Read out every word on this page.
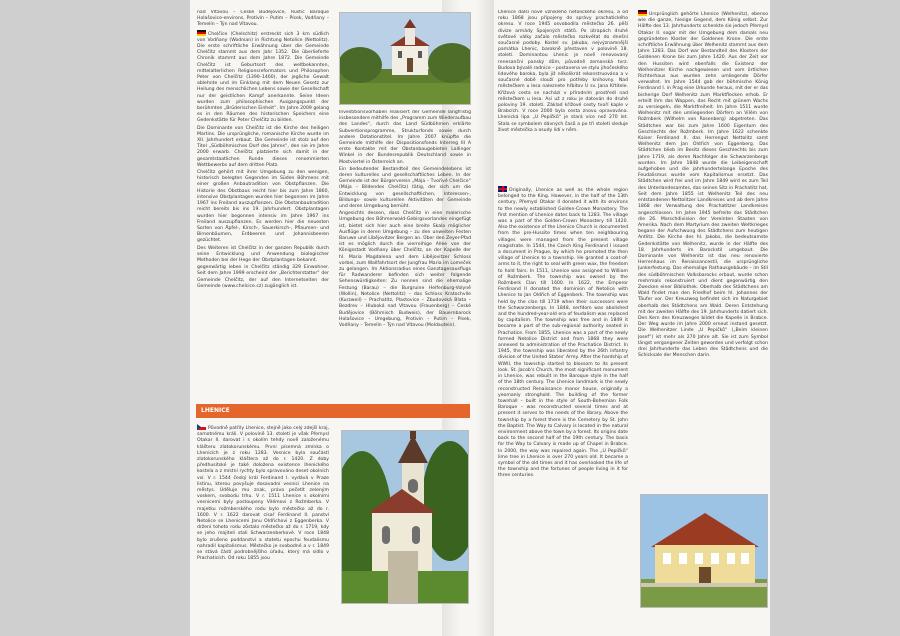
nad Vltavou – České Budějovice, Rustic Baroque Holašovice-environs, Protivín – Putim – Písek, Vodňany – Temelín – Týn nad Vltavou.

Chelčice (Chelschitz) erstreckt sich 3 km südlich von Vodňany (Wodnian) in Richtung Netolice (Nettolitz). Die erste schriftliche Erwähnung über die Gemeinde Chelčitz stammt aus dem Jahr 1352. Die überlieferte Chronik stammt aus dem Jahre 1872. Die Gemeinde Chelčitz ist Geburtsort des weltbekannten, mittelalterlichen Religionsreformators und Philosophen Peter von Chelčitz (1390–1460), der jegliche Gewalt ablehnte und im Einklang mit dem Neuen Gesetz zur Heilung des menschlichen Lebens sowie der Gesellschaft nur der geistlichen Kampf anerkannte. Seine Ideen wurden zum philosophischen Ausgangspunkt der berühmten „Brüderischen Einheit“. Im Jahre 2009 gelang es in den Räumen des historischen Speichers eine Gedenkstätte für Peter Chelčitz zu bilden.

Die Dominante von Chelčitz ist die Kirche des heiligen Martins. Die ursprüngliche, romanische Kirche wurde im XII. Jahrhundert erbaut. Die Gemeinde ist stolz auf den Titel „Südböhmisches Dorf des Jahres“, den sie im Jahre 2000 erwarb. Chelčitz platzierte sich damit in der gesamtstaatlichen Runde dieses renommierten Wettbewerbs auf dem dritten Platz.

Chelčitz gehört mit ihrer Umgebung zu den wenigen, historisch belegten Gegenden im Süden Böhmens mit einer großen Anbautradition von Obstpflanzen. Die Historie des Obstbaus reicht hier bis zum Jahre 1860, intensive Obstplantagen wurden hier begonnen im Jahre 1967 ins Freiland auszupflanzen. Die Obstanbautradition reicht bereits bis ins 19. Jahrhundert. Obstplantagen wurden hier begonnen intensiv im Jahre 1967 ins Freiland auszupflanzen. Es werden hier die neuesten Sorten von Äpfel-, Kirsch-, Sauerkirsch-, Pflaumen- und Birnenbäumen, Erdbeeren und Johannisbeeren gezüchtet.

Des Weiteren ist Chelčitz in der ganzen Republik durch seine Entwicklung und Anwendung biologischer Methoden bei der Hege der Obstplantagen bekannt.

gegenwärtig leben in Chelčitz ständig 329 Einwohner. Seit dem Jahre 1999 erscheint der „Berichterstatter“ der Gemeinde Chelčitz, der auf den Internetseiten der Gemeinde (www.chelcice.cz) zugänglich ist.

Investitionsvorhaben realisiert der Gemeinde langfristig insbesondere mithilfe des „Programm zum Wiederaufbau des Landes“, durch das Land Südböhmen erklärte Subventionsprogramme, Strukturfonds sowie durch andere Dotationstitel. Im Jahre 2007 knüpfte die Gemeinde mithilfe der Dispositionsfonds Interreg III A erste Kontakte mit der Obstanbaugebieten Lallinger Winkel in der Bundesrepublik Deutschland sowie in Mostviertel in Österreich an.

Ein bedeutender Bestandteil des Gemeindelebens ist deren kulturelles und gesellschaftliches Leben. In der Gemeinde ist der Bürgerverein „Mája – Tvořivé Chelčice“ (Mája – Bildendes Chelčitz) tätig, der sich um die Entwicklung von gesellschaftlichen, Interessen-, Bildungs- sowie kulturellen Aktivitäten der Gemeinde und deren Umgebung bemüht.

Angesichts dessen, dass Chelčitz in eine malerische Umgebung des Böhmerwald-Gebirgsvorlandes eingefügt ist, bietet sich hier auch eine breite Skala möglicher Ausflüge in deren Umgebung – zu den unweiten Festen Baruwe und Libějovitzer Bergen an. Über den Zeyer-Pfad ist es möglich durch die vierreihige Allee von der Königsstadt Vodňany über Chelčitz, an der Kapelle der hl. Maria Magdalena und dem Libějovitzer Schloss vorbei, zum Wallfahrtsort der Jungfrau Maria im Lomeček zu gelangen. Im Aktionsradius eines Ganztagesausflugs für Radwanderer befinden sich weiter folgende Sehenswürdigkeiten: Zu nennen sind die ehemalige Festung (Barau) – die Burgruine Helfenburg-Volyně (Wollin), Netolice (Nettolitz) – das Schloss Kratochvíle (Kurzweil) – Prachatitz, Plastovice – Zbudovská Blata – Bezdrev – Hluboká nad Vltavou (Frauenberg) – České Budějovice (Böhmisch Budweis), der Bauernbarock Holašovice – Umgebung, Protivín – Putim – Písek, Vodňany – Temelín – Týn nad Vltavou (Moldautein).

LHENICE

Původně patřily Lhenice, stejně jako celý zdejší kraj, samotnému králi. V polovině 13. století je však Přemysl Otakar II. darovat i s okolím tehdy nově založenému klášteru zlatokorunskému. První písemná zmínka o Lhenicích je z roku 1283. Vesnice byla součástí zlatokorunského kláštera až do r. 1420. Z doby předhusitské je také doložena existence lhenického kostela a z místní rychty bylo spravováno deset okolních vsí. V r. 1544 český král Ferdinand I. vydává v Praze listinu, kterou povyšuje dosavadní vesnici Lhenice na městys. Úděluje mu znak, právo pečetit zeleným voskem, svobodu trhu. V r. 1511 Lhenice s okolními vesnicemi byly postoupeny Vilémovi z Rožmberka. V majetku rožmberského rodu bylo městečko až do r. 1600. V r. 1622 darovat císař Ferdinand II. panství Netolice se Lhenicemi Janu Oldřichovi z Eggenberka. V držení tohoto rodu zůstalo městečko až do r. 1719, kdy se jeho majiteli stali Schwarzenberkové. V roce 1848 bylo zrušeno poddanství a statetu epochu feudalismu nahradil kapitalismus. Městečko je svobodné a v r. 1849 se stává částí podrobnějšího úřadu, který má sídlo v Prachaticích. Od roku 1855 jsou

Lhenice další nově vzniklého netolického okresu, a od roku 1868 jsou připojeny do správy prachatického okresu. V roce 1945 osvobodila městečko 26. pěší divize armády Spojených států. Po útrapách druhé světové války začalo městečko rozkvétat do dnešní současné podoby. Kostel sv. Jakuba, nejvýznamnější památka Lhenic, barokně přestaven v polovině 18. století. Dominantou Lhenic je nově renovovaný renesanční panský dům, původně zemanská tvrz. Budova bývalé radnice – postavena ve stylu jihočeského lidového baroka, byla již několikrát rekonstruována a v současné době slouží pro potřeby knihovny. Nad městečkem u lesa naleznete hřbitov U sv. Jana Křtitele. Křížová cesta se nachází v přírodním prostředí nad městečkem u lesa. Asi už z roku je datován do druhé poloviny 19. století. Základ křížové cesty tvoří kaple v Brabcích. V roce 2000 byla cesta znovu opravována. Lhenická lípa „U Pepíčků“ je stará více než 270 let. Stala se symbolem dávných časů a po tři století sleduje život městečka a osudy lidí v něm.

Originally, Lhenice as well as the whole region belonged to the King. However, in the half of the 13th century, Přemysl Otakar II donated it with its environs to the newly established Golden-Crown Monastery. The first mention of Lhenice dates back to 1283. The village was a part of the Golden-Crown Monastery till 1420. Also the existence of the Lhenice Church is documented from the pre-Hussite times when ten neighbouring villages were managed from the present village magistrate. In 1544, the Czech King Ferdinand I issued a document in Prague, by which he promoted the then village of Lhenice to a township. He granted a coat-of-arms to it, the right to seal with green wax, the freedom to hold fairs. In 1511, Lhenice was assigned to William of Rožmberk. The township was owned by the Rožmberk Clan till 1600. In 1622, the Emperor Ferdinand II donated the dominion of Netolice with Lhenice to Jan Oldřich of Eggenberk. The township was held by the clan till 1719 when their successors were the Schwarzenbergs. In 1848, serfdom was abolished and the hundred-year-old era of feudalism was replaced by capitalism. The township was free and in 1849 it became a part of the sub-regional authority seated in Prachatice. From 1855, Lhenice was a part of the newly formed Netolice District and from 1868 they were annexed to administration of the Prachatice District. In 1945, the township was liberated by the 26th infantry division of the United States' Army. After the hardship of WWII, the township started to blossom to its present look. St. Jacob's Church, the most significant monument in Lhenice, was rebuilt in the Baroque style in the half of the 18th century. The Lhenice landmark is the newly reconstructed Renaissance manor house, originally a yeomanly stronghold. The building of the former townhall – built in the style of South-Bohemian Folk Baroque – was reconstructed several times and at present it serves to the needs of the library. Above the township by a forest there is the Cemetery by St. John the Baptist. The Way to Calvary is located in the natural environment above the town by a forest. Its origins date back to the second half of the 19th century. The basis for the Way to Calvary is made up of Chapel in Brabce. In 2000, the way was repaired again. The „U Pepíčků“ lime tree in Lhenice is over 270 years old. It became a symbol of the old times and it has overlooked the life of the township and the fortunes of people living in it for three centuries.

Ursprünglich gehörte Lhenice (Welhenitz), ebenso wie die ganze, hiesige Gegend, dem König selbst. Zur Hälfte des 13. Jahrhunderts schenkte sie jedoch Přemysl Otakar II. sogar mit der Umgebung dem damals neu gegründeten Kloster der Goldenen Krone. Die erste schriftliche Erwähnung über Welhenitz stammt aus dem Jahre 1283. Das Dorf war Bestandteil des Klosters der Goldenen Krone bis zum Jahre 1420. Aus der Zeit vor den Hussiten wird ebenfalls die Existenz der Welhenitzer Kirche nachgewiesen und vom örtlichen Richterhaus aus wurden zehn umliegende Dörfer verwaltet. Im Jahre 1544 gab der böhmische König Ferdinand I. in Prag eine Urkunde heraus, mit der er das bisherige Dorf Welhenitz zum Marktflecken erhob. Er erteilt ihm das Wappen, das Recht mit grünem Wachs zu versiegeln, die Marktfreiheit. Im Jahre 1511 wurde Welhenitz mit den umliegenden Dörfern an Vilém von Rožmberk (Wilhelm von Rosenberg) abgetreten. Das Städtchen war bis zum Jahre 1600 Eigentum des Geschlechts der Rožmberk. Im Jahre 1622 schenkte Kaiser Ferdinand II. das Herrengut Nettolitz samt Welhenitz dem Jan Oldřich von Eggenberg. Das Städtchen blieb im Besitz dieses Geschlechts bis zum Jahre 1719, als deren Nachfolger die Schwarzenbergs wurden. Im Jahre 1848 wurde die Leibeigenschaft aufgehoben und die jahrhundertelange Epoche des Feudalismus wurde vom Kapitalismus ersetzt. Das Städtchen wird frei und im Jahre 1849 wird es zum Teil des Unterlandesamtes, das seinen Sitz in Prachatitz hat. Seit dem Jahre 1855 ist Welhenitz Teil des neu entstandenen Nettolitzer Landkreises und ab dem Jahre 1868 der Verwaltung des Prachatitzer Landkreises angeschlossen. Im Jahre 1945 befreite das Städtchen die 26. Marschdivision der Vereinten Staaten von Amerika. Nach dem Martyrium des zweiten Weltkrieges begann der Aufschwung des Städtchens zum heutigen Antlitz. Die Kirche des hl. Jakobs, die bedeutsamste Gedenkstätte von Welhenitz, wurde in der Hälfte des 18. Jahrhunderts im Barockstil umgebaut. Die Dominante von Welhenitz ist das neu renovierte Herrenhaus im Renaissancestil, die ursprüngliche Junkerfestung. Das ehemalige Rathausgebäude – im Stil des südböhmischen Volksbarocks erbaut, wurde schon mehrmals rekonstruiert und dient gegenwärtig den Zwecken einer Bibliothek. Oberhalb des Städtchens am Wald findet man den Friedhof beim hl. Johannes der Täufer vor. Der Kreuzweg befindet sich im Naturgebiet oberhalb des Städtchens am Wald. Deren Entstehung mit der zweiten Hälfte des 19. Jahrhunderts datiert sich. Den Kern des Kreuzweges bildet die Kapelle in Brabce. Der Weg wurde im Jahre 2000 erneut instand gesetzt. Die Welhenitzer Linde „U Pepíčků“ („Beim kleinen Josef“) ist mehr als 270 Jahre alt. Sie ist zum Symbol längst vergangener Zeiten geworden und verfolgt schon drei Jahrhunderte das Leben des Städtchens und die Schicksale der Menschen darin.
